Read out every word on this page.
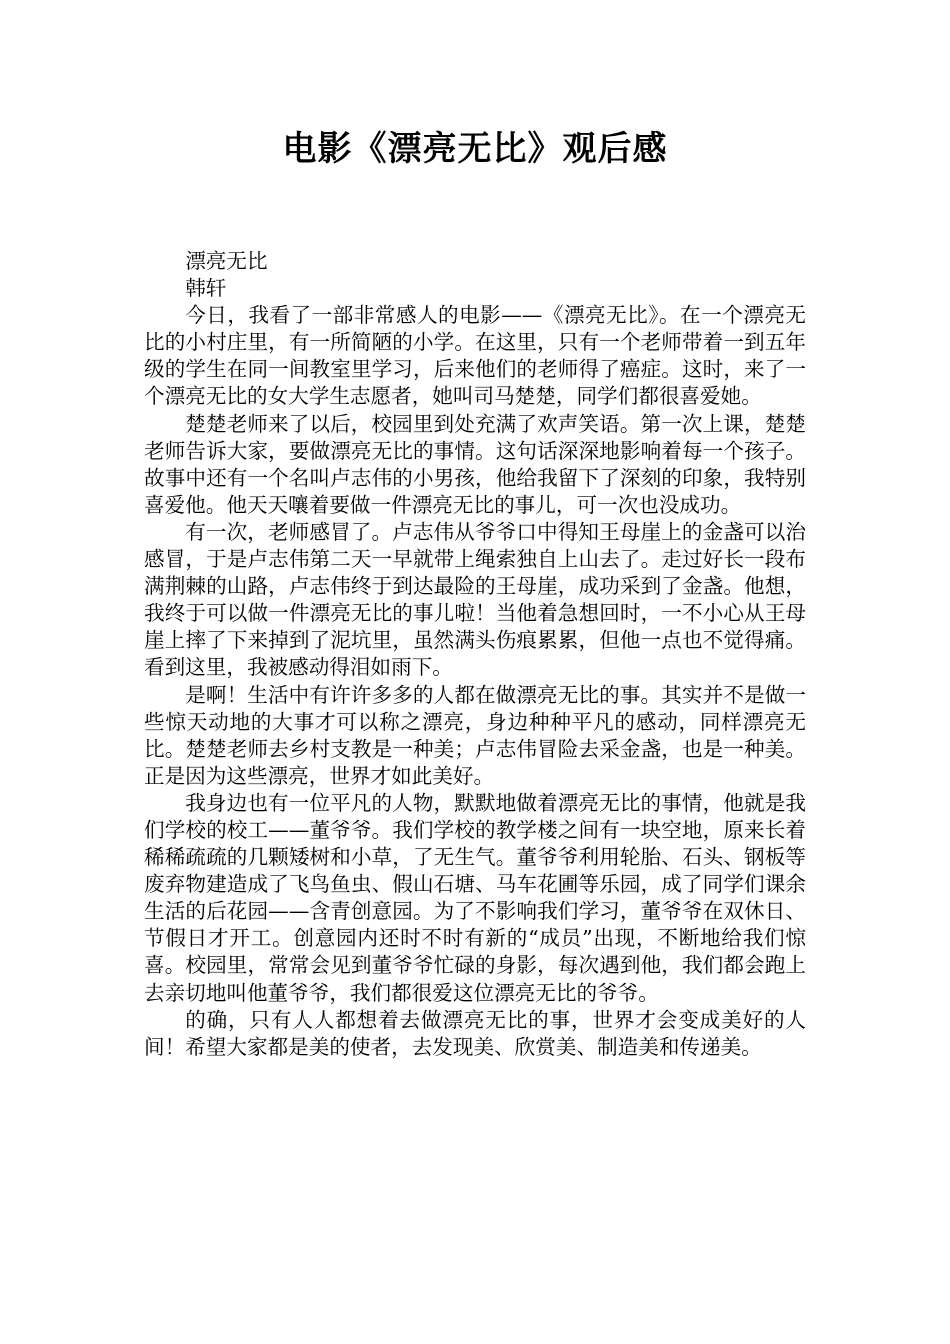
电影《漂亮无比》观后感

漂亮无比

韩轩

今日，我看了一部非常感人的电影——《漂亮无比》。在一个漂亮无比的小村庄里，有一所简陋的小学。在这里，只有一个老师带着一到五年级的学生在同一间教室里学习，后来他们的老师得了癌症。这时，来了一个漂亮无比的女大学生志愿者，她叫司马楚楚，同学们都很喜爱她。

楚楚老师来了以后，校园里到处充满了欢声笑语。第一次上课，楚楚老师告诉大家，要做漂亮无比的事情。这句话深深地影响着每一个孩子。故事中还有一个名叫卢志伟的小男孩，他给我留下了深刻的印象，我特别喜爱他。他天天嚷着要做一件漂亮无比的事儿，可一次也没成功。

有一次，老师感冒了。卢志伟从爷爷口中得知王母崖上的金盏可以治感冒，于是卢志伟第二天一早就带上绳索独自上山去了。走过好长一段布满荆棘的山路，卢志伟终于到达最险的王母崖，成功采到了金盏。他想，我终于可以做一件漂亮无比的事儿啦！当他着急想回时，一不小心从王母崖上摔了下来掉到了泥坑里，虽然满头伤痕累累，但他一点也不觉得痛。看到这里，我被感动得泪如雨下。

是啊！生活中有许许多多的人都在做漂亮无比的事。其实并不是做一些惊天动地的大事才可以称之漂亮，身边种种平凡的感动，同样漂亮无比。楚楚老师去乡村支教是一种美；卢志伟冒险去采金盏，也是一种美。正是因为这些漂亮，世界才如此美好。

我身边也有一位平凡的人物，默默地做着漂亮无比的事情，他就是我们学校的校工——董爷爷。我们学校的教学楼之间有一块空地，原来长着稀稀疏疏的几颗矮树和小草，了无生气。董爷爷利用轮胎、石头、钢板等废弃物建造成了飞鸟鱼虫、假山石塘、马车花圃等乐园，成了同学们课余生活的后花园——含青创意园。为了不影响我们学习，董爷爷在双休日、节假日才开工。创意园内还时不时有新的“成员”出现，不断地给我们惊喜。校园里，常常会见到董爷爷忙碌的身影，每次遇到他，我们都会跑上去亲切地叫他董爷爷，我们都很爱这位漂亮无比的爷爷。

的确，只有人人都想着去做漂亮无比的事，世界才会变成美好的人间！希望大家都是美的使者，去发现美、欣赏美、制造美和传递美。
